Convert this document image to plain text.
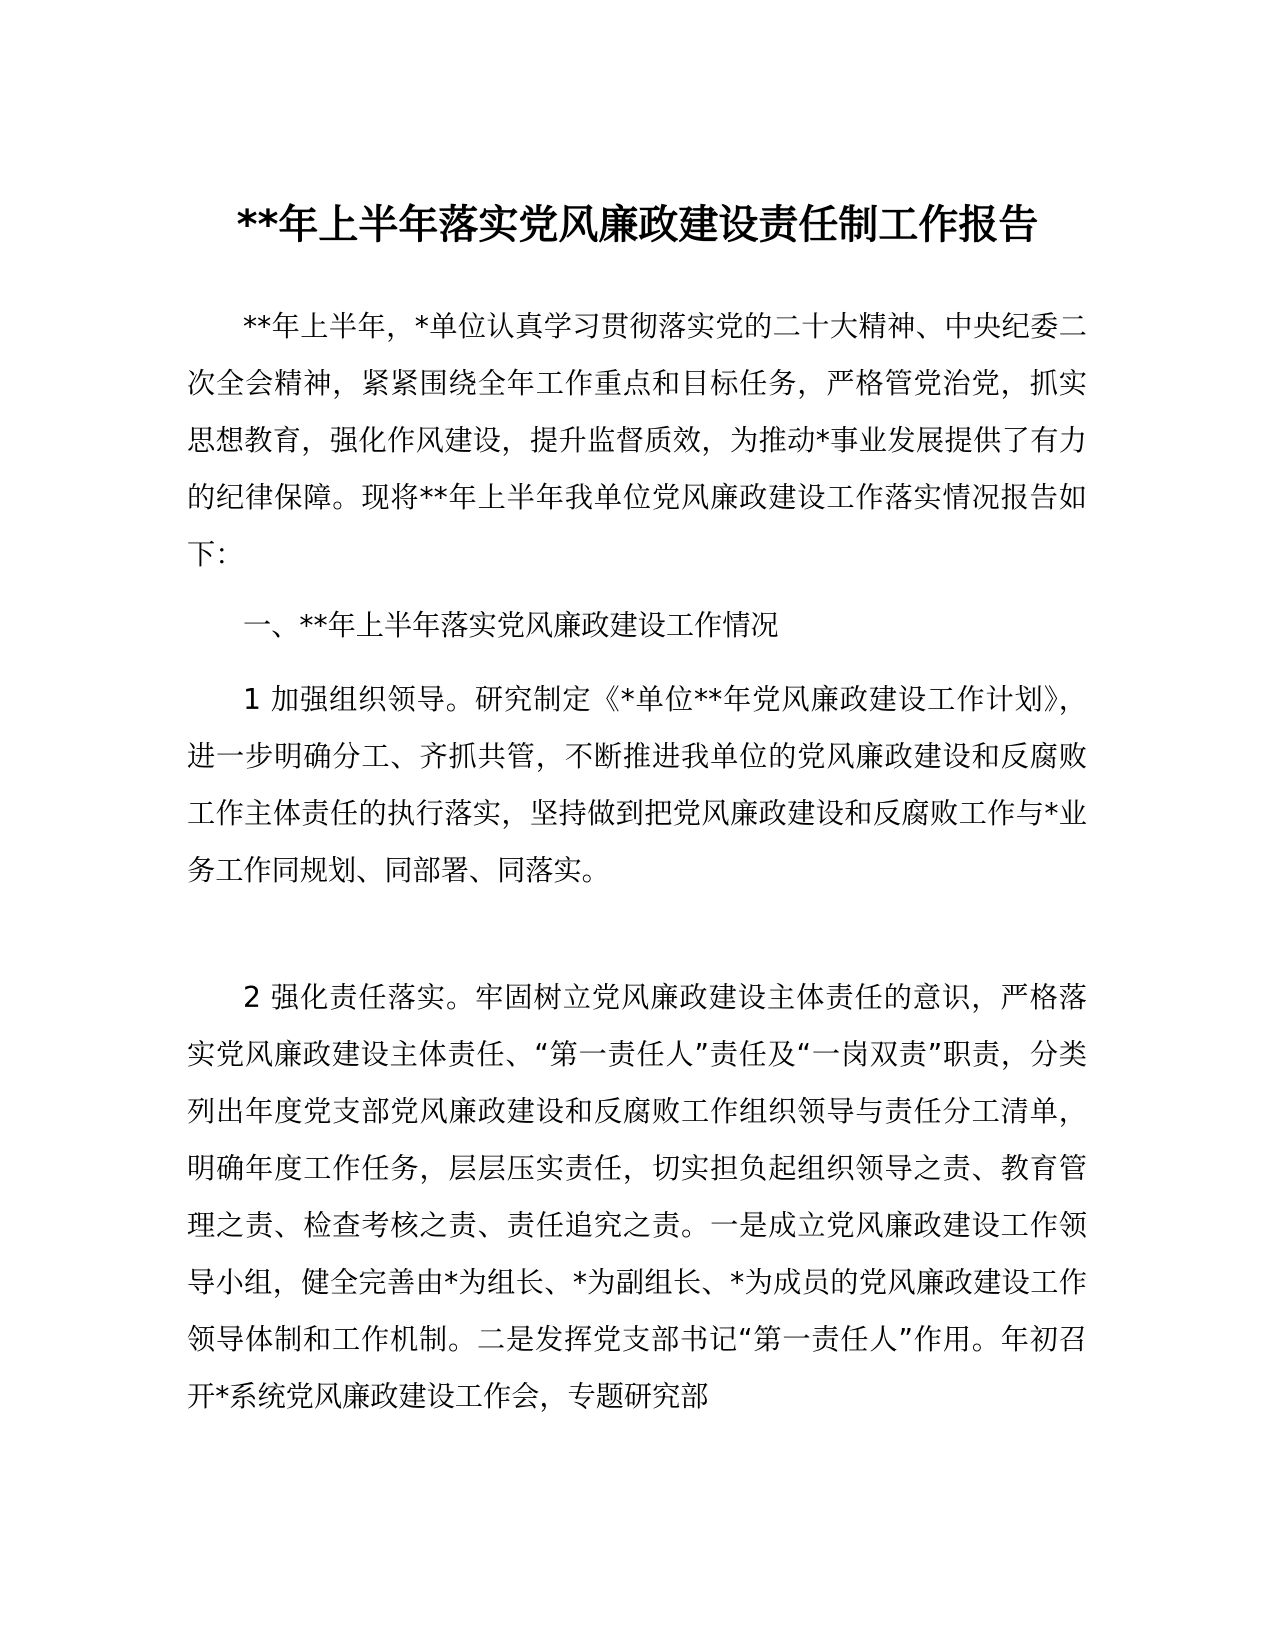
**年上半年落实党风廉政建设责任制工作报告
**年上半年，*单位认真学习贯彻落实党的二十大精神、中央纪委二次全会精神，紧紧围绕全年工作重点和目标任务，严格管党治党，抓实思想教育，强化作风建设，提升监督质效，为推动*事业发展提供了有力的纪律保障。现将**年上半年我单位党风廉政建设工作落实情况报告如下：
一、**年上半年落实党风廉政建设工作情况
1 加强组织领导。研究制定《*单位**年党风廉政建设工作计划》，进一步明确分工、齐抓共管，不断推进我单位的党风廉政建设和反腐败工作主体责任的执行落实，坚持做到把党风廉政建设和反腐败工作与*业务工作同规划、同部署、同落实。
2 强化责任落实。牢固树立党风廉政建设主体责任的意识，严格落实党风廉政建设主体责任、“第一责任人”责任及“一岗双责”职责，分类列出年度党支部党风廉政建设和反腐败工作组织领导与责任分工清单，明确年度工作任务，层层压实责任，切实担负起组织领导之责、教育管理之责、检查考核之责、责任追究之责。一是成立党风廉政建设工作领导小组，健全完善由*为组长、*为副组长、*为成员的党风廉政建设工作领导体制和工作机制。二是发挥党支部书记“第一责任人”作用。年初召开*系统党风廉政建设工作会，专题研究部
